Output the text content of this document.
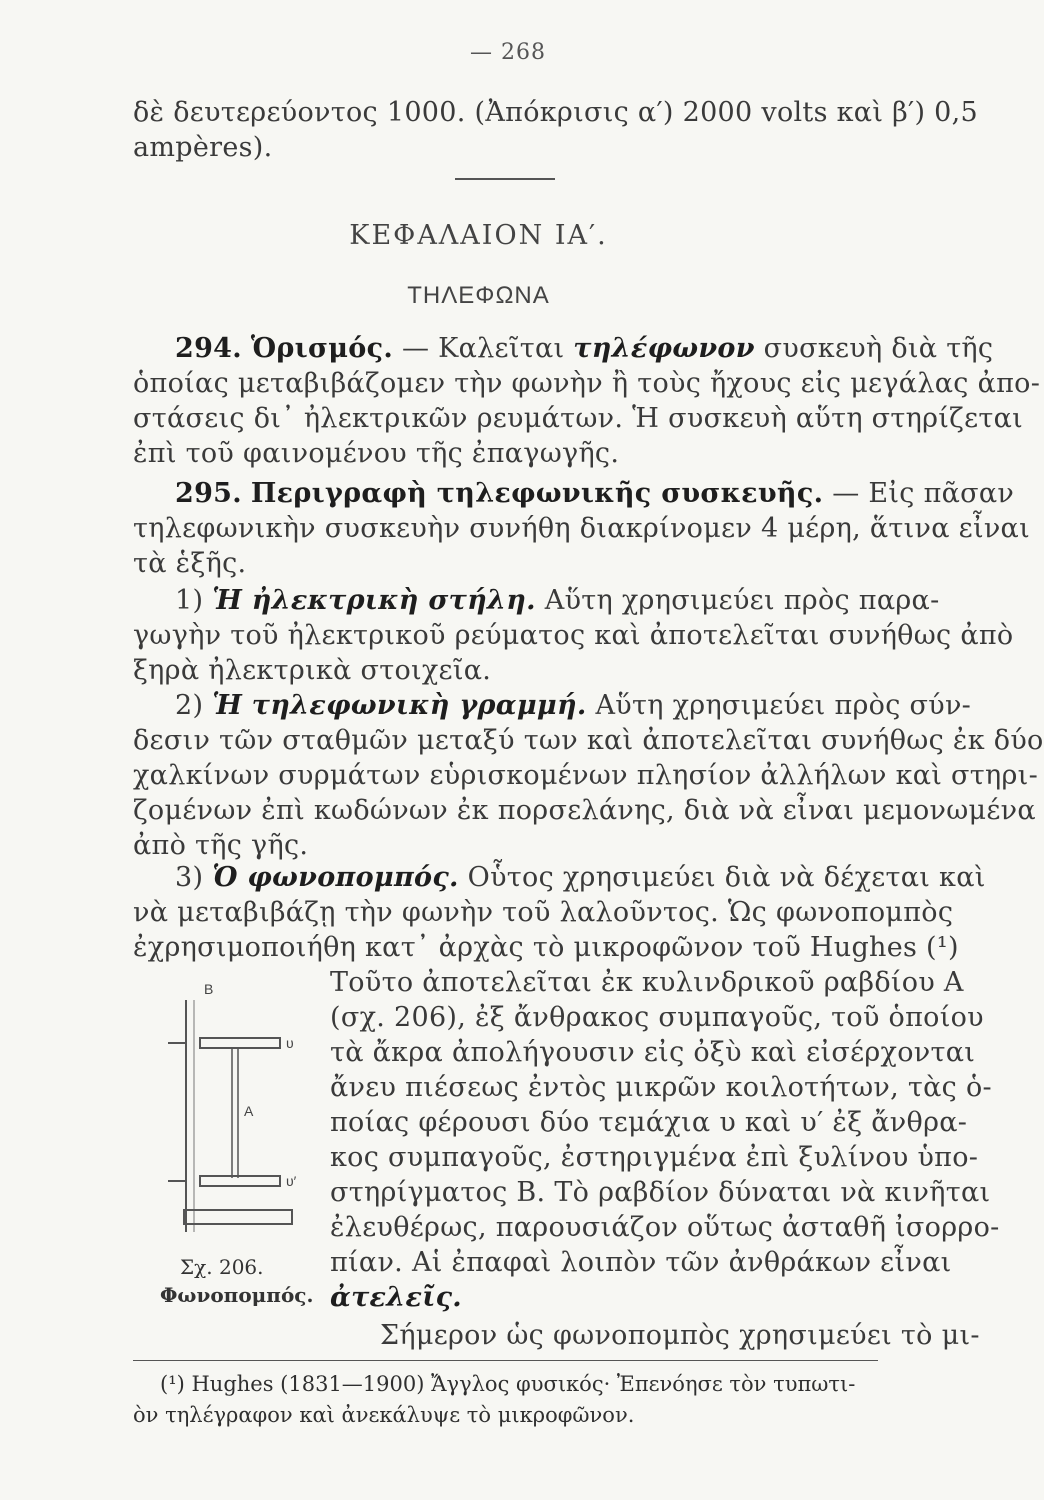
— 268
δὲ δευτερεύοντος 1000. (Ἀπόκρισις α′) 2000 volts καὶ β′) 0,5
ampères).
ΚΕΦΑΛΑΙΟΝ ΙΑ′.
ΤΗΛΕΦΩΝΑ
294. Ὁρισμός. — Καλεῖται τηλέφωνον συσκευὴ διὰ τῆς
ὁποίας μεταβιβάζομεν τὴν φωνὴν ἢ τοὺς ἤχους εἰς μεγάλας ἀπο-
στάσεις δι᾽ ἠλεκτρικῶν ρευμάτων. Ἡ συσκευὴ αὕτη στηρίζεται
ἐπὶ τοῦ φαινομένου τῆς ἐπαγωγῆς.
295. Περιγραφὴ τηλεφωνικῆς συσκευῆς. — Εἰς πᾶσαν
τηλεφωνικὴν συσκευὴν συνήθη διακρίνομεν 4 μέρη, ἅτινα εἶναι
τὰ ἑξῆς.
1) Ἡ ἠλεκτρικὴ στήλη. Αὕτη χρησιμεύει πρὸς παρα-
γωγὴν τοῦ ἠλεκτρικοῦ ρεύματος καὶ ἀποτελεῖται συνήθως ἀπὸ
ξηρὰ ἠλεκτρικὰ στοιχεῖα.
2) Ἡ τηλεφωνικὴ γραμμή. Αὕτη χρησιμεύει πρὸς σύν-
δεσιν τῶν σταθμῶν μεταξύ των καὶ ἀποτελεῖται συνήθως ἐκ δύο
χαλκίνων συρμάτων εὑρισκομένων πλησίον ἀλλήλων καὶ στηρι-
ζομένων ἐπὶ κωδώνων ἐκ πορσελάνης, διὰ νὰ εἶναι μεμονωμένα
ἀπὸ τῆς γῆς.
3) Ὁ φωνοπομπός. Οὗτος χρησιμεύει διὰ νὰ δέχεται καὶ
νὰ μεταβιβάζῃ τὴν φωνὴν τοῦ λαλοῦντος. Ὡς φωνοπομπὸς
ἐχρησιμοποιήθη κατ᾽ ἀρχὰς τὸ μικροφῶνον τοῦ Hughes (¹)
Τοῦτο ἀποτελεῖται ἐκ κυλινδρικοῦ ραβδίου Α
(σχ. 206), ἐξ ἄνθρακος συμπαγοῦς, τοῦ ὁποίου
τὰ ἄκρα ἀπολήγουσιν εἰς ὀξὺ καὶ εἰσέρχονται
ἄνευ πιέσεως ἐντὸς μικρῶν κοιλοτήτων, τὰς ὁ-
ποίας φέρουσι δύο τεμάχια υ καὶ υ′ ἐξ ἄνθρα-
κος συμπαγοῦς, ἐστηριγμένα ἐπὶ ξυλίνου ὑπο-
στηρίγματος Β. Τὸ ραβδίον δύναται νὰ κινῆται
ἐλευθέρως, παρουσιάζον οὕτως ἀσταθῆ ἰσορρο-
πίαν. Αἱ ἐπαφαὶ λοιπὸν τῶν ἀνθράκων εἶναι
ἀτελεῖς.
Σήμερον ὡς φωνοπομπὸς χρησιμεύει τὸ μι-
B
υ
A
υ′
Σχ. 206.
Φωνοπομπός.
(¹) Hughes (1831—1900) Ἄγγλος φυσικός· Ἐπενόησε τὸν τυπωτι-
ὸν τηλέγραφον καὶ ἀνεκάλυψε τὸ μικροφῶνον.
